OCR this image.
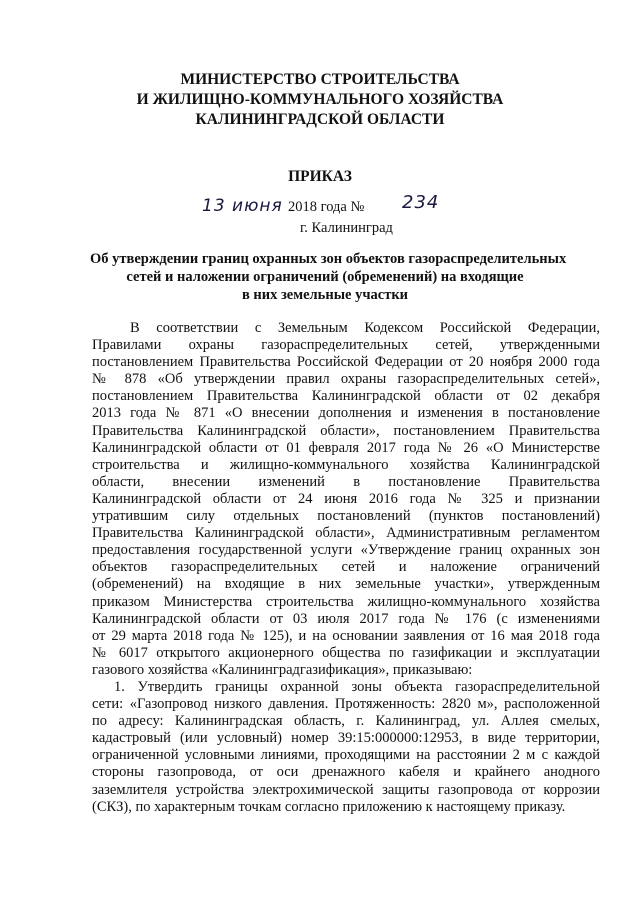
МИНИСТЕРСТВО СТРОИТЕЛЬСТВА
И ЖИЛИЩНО-КОММУНАЛЬНОГО ХОЗЯЙСТВА
КАЛИНИНГРАДСКОЙ ОБЛАСТИ
ПРИКАЗ
13 июня 2018 года № 234
г. Калининград
Об утверждении границ охранных зон объектов газораспределительных
сетей и наложении ограничений (обременений) на входящие
в них земельные участки
В соответствии с Земельным Кодексом Российской Федерации,
Правилами охраны газораспределительных сетей, утвержденными
постановлением Правительства Российской Федерации от 20 ноября 2000 года
№ 878 «Об утверждении правил охраны газораспределительных сетей»,
постановлением Правительства Калининградской области от 02 декабря
2013 года № 871 «О внесении дополнения и изменения в постановление
Правительства Калининградской области», постановлением Правительства
Калининградской области от 01 февраля 2017 года № 26 «О Министерстве
строительства и жилищно-коммунального хозяйства Калининградской
области, внесении изменений в постановление Правительства
Калининградской области от 24 июня 2016 года № 325 и признании
утратившим силу отдельных постановлений (пунктов постановлений)
Правительства Калининградской области», Административным регламентом
предоставления государственной услуги «Утверждение границ охранных зон
объектов газораспределительных сетей и наложение ограничений
(обременений) на входящие в них земельные участки», утвержденным
приказом Министерства строительства жилищно-коммунального хозяйства
Калининградской области от 03 июля 2017 года № 176 (с изменениями
от 29 марта 2018 года № 125), и на основании заявления от 16 мая 2018 года
№ 6017 открытого акционерного общества по газификации и эксплуатации
газового хозяйства «Калининградгазификация», приказываю:
1. Утвердить границы охранной зоны объекта газораспределительной
сети: «Газопровод низкого давления. Протяженность: 2820 м», расположенной
по адресу: Калининградская область, г. Калининград, ул. Аллея смелых,
кадастровый (или условный) номер 39:15:000000:12953, в виде территории,
ограниченной условными линиями, проходящими на расстоянии 2 м с каждой
стороны газопровода, от оси дренажного кабеля и крайнего анодного
заземлителя устройства электрохимической защиты газопровода от коррозии
(СКЗ), по характерным точкам согласно приложению к настоящему приказу.
